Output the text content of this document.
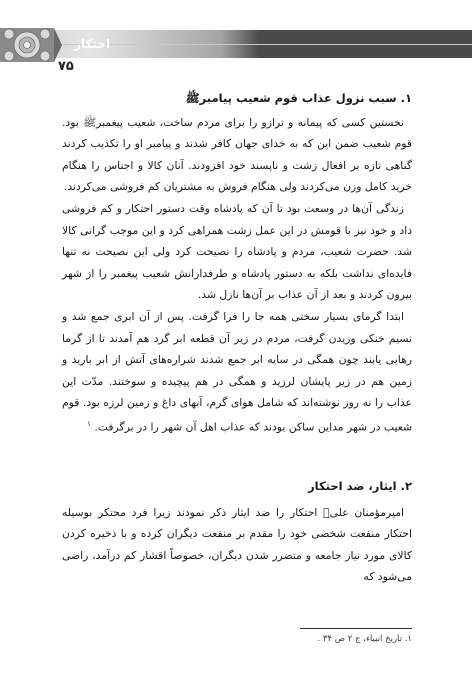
احتکار
۷۵
۱. سبب نزول عذاب قوم شعیب پیامبرﷺ

نخستین کسی که پیمانه و ترازو را برای مردم ساخت، شعیب پیغمبرﷺ بود. قوم شعیب ضمن این که به خدای جهان کافر شدند و پیامبر او را تکذیب کردند گناهی تازه بر افعال زشت و ناپسند خود افزودند. آنان کالا و اجناس را هنگام خرید کامل وزن می‌کردند ولی هنگام فروش به مشتریان کم فروشی می‌کردند.

زندگی آن‌ها در وسعت بود تا آن که پادشاه وقت دستور احتکار و کم فروشی داد و خود نیز با قومش در این عمل زشت همراهی کرد و این موجب گرانی کالا شد. حضرت شعیب، مردم و پادشاه را نصیحت کرد ولی این نصیحت نه تنها فایده‌ای نداشت بلکه به دستور پادشاه و طرفدارانش شعیب پیغمبر را از شهر بیرون کردند و بعد از آن عذاب بر آن‌ها نازل شد.

ابتدا گرمای بسیار سختی همه جا را فرا گرفت. پس از آن ابری جمع شد و نسیم خنکی وزیدن گرفت، مردم در زیر آن قطعه ابر گرد هم آمدند تا از گرما رهایی یابند چون همگی در سایه ابر جمع شدند شراره‌های آتش از ابر بارید و زمین هم در زیر پایشان لرزید و همگی در هم پیچیده و سوختند. مدّت این عذاب را نه روز نوشته‌اند که شامل هوای گرم، آبهای داغ و زمین لرزه بود. قوم شعیب در شهر مداین ساکن بودند که عذاب اهل آن شهر را در برگرفت. $^۱$

۲. ایثار، ضد احتکار

امیرمؤمنان علیؑ احتکار را ضد ایثار ذکر نمودند زیرا فرد محتکر بوسیله احتکار منفعت شخصی خود را مقدم بر منفعت دیگران کرده و با ذخیره کردن کالای مورد نیاز جامعه و متضرر شدن دیگران، خصوصاً اقشار کم درآمد، راضی می‌شود که

۱. تاریخ انبیاء، ج ۲ ص ۳۴ .
